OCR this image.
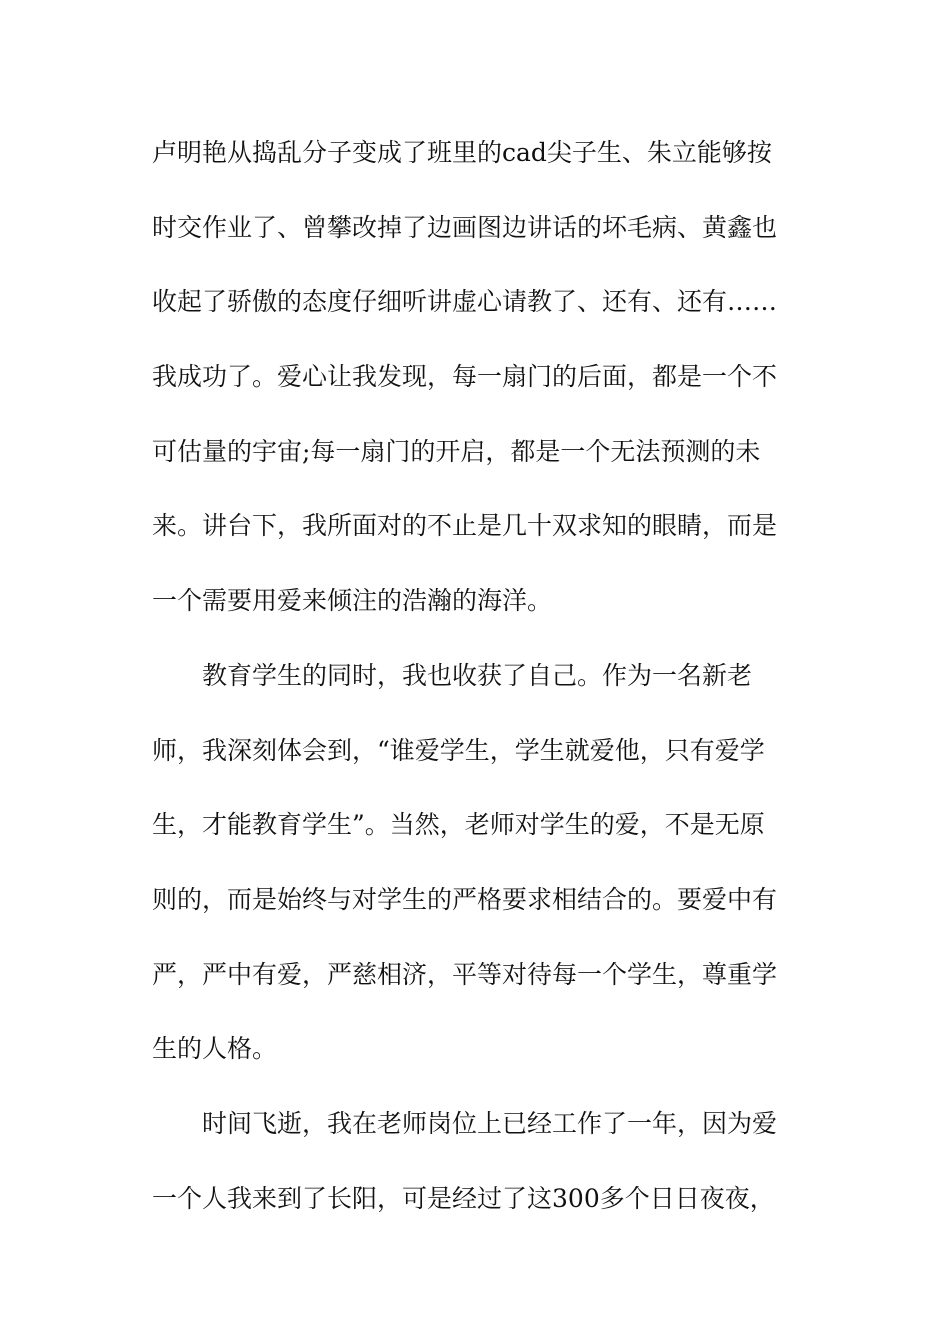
卢明艳从捣乱分子变成了班里的cad尖子生、朱立能够按
时交作业了、曾攀改掉了边画图边讲话的坏毛病、黄鑫也
收起了骄傲的态度仔细听讲虚心请教了、还有、还有……
我成功了。爱心让我发现，每一扇门的后面，都是一个不
可估量的宇宙;每一扇门的开启，都是一个无法预测的未
来。讲台下，我所面对的不止是几十双求知的眼睛，而是
一个需要用爱来倾注的浩瀚的海洋。
教育学生的同时，我也收获了自己。作为一名新老
师，我深刻体会到，“谁爱学生，学生就爱他，只有爱学
生，才能教育学生”。当然，老师对学生的爱，不是无原
则的，而是始终与对学生的严格要求相结合的。要爱中有
严，严中有爱，严慈相济，平等对待每一个学生，尊重学
生的人格。
时间飞逝，我在老师岗位上已经工作了一年，因为爱
一个人我来到了长阳，可是经过了这300多个日日夜夜，
